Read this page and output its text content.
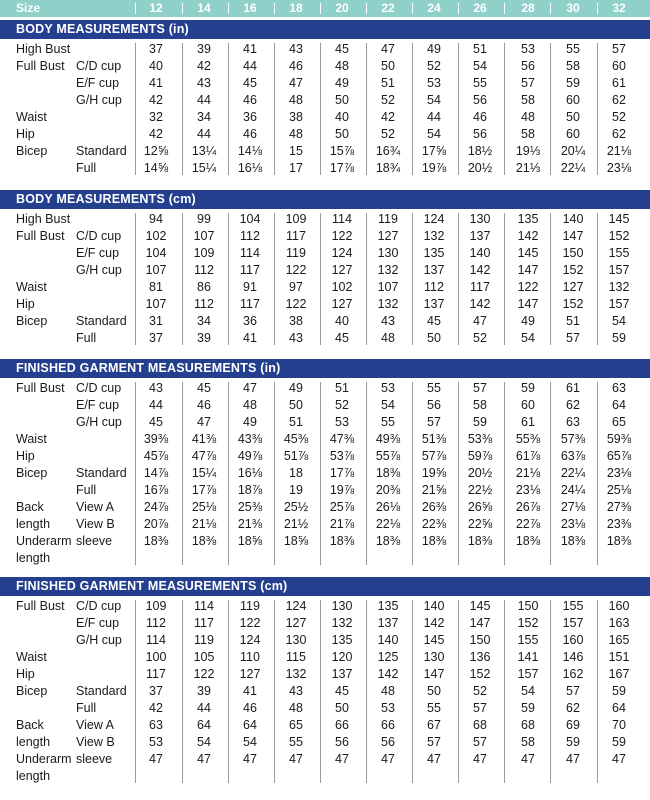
Size	12	14	16	18	20	22	24	26	28	30	32
BODY MEASUREMENTS (in)
High Bust	37	39	41	43	45	47	49	51	53	55	57
Full Bust C/D cup	40	42	44	46	48	50	52	54	56	58	60
E/F cup	41	43	45	47	49	51	53	55	57	59	61
G/H cup	42	44	46	48	50	52	54	56	58	60	62
Waist	32	34	36	38	40	42	44	46	48	50	52
Hip	42	44	46	48	50	52	54	56	58	60	62
Bicep Standard	12⅝	13¼	14⅛	15	15⅞	16¾	17⅝	18½	19⅓	20¼	21⅛
Full	14⅝	15¼	16⅛	17	17⅞	18¾	19⅞	20½	21⅓	22¼	23⅛
BODY MEASUREMENTS (cm)
High Bust	94	99	104	109	114	119	124	130	135	140	145
Full Bust C/D cup	102	107	112	117	122	127	132	137	142	147	152
E/F cup	104	109	114	119	124	130	135	140	145	150	155
G/H cup	107	112	117	122	127	132	137	142	147	152	157
Waist	81	86	91	97	102	107	112	117	122	127	132
Hip	107	112	117	122	127	132	137	142	147	152	157
Bicep Standard	31	34	36	38	40	43	45	47	49	51	54
Full	37	39	41	43	45	48	50	52	54	57	59
FINISHED GARMENT MEASUREMENTS (in)
Full Bust C/D cup	43	45	47	49	51	53	55	57	59	61	63
E/F cup	44	46	48	50	52	54	56	58	60	62	64
G/H cup	45	47	49	51	53	55	57	59	61	63	65
Waist	39⅜	41⅜	43⅜	45⅜	47⅜	49⅜	51⅜	53⅜	55⅜	57⅜	59⅜
Hip	45⅞	47⅞	49⅞	51⅞	53⅞	55⅞	57⅞	59⅞	61⅞	63⅞	65⅞
Bicep Standard	14⅞	15¼	16⅛	18	17⅞	18⅜	19⅝	20½	21⅛	22¼	23⅛
Full	16⅞	17⅞	18⅞	19	19⅞	20⅜	21⅝	22½	23⅛	24¼	25⅛
Back	View A	24⅞	25⅛	25⅜	25½	25⅞	26⅛	26⅜	26⅝	26⅞	27⅛	27⅜
length View B	20⅞	21⅛	21⅜	21½	21⅞	22⅛	22⅜	22⅝	22⅞	23⅛	23⅜
Underarm sleeve	18⅜	18⅜	18⅝	18⅝	18⅜	18⅜	18⅜	18⅜	18⅜	18⅜	18⅜
length
FINISHED GARMENT MEASUREMENTS (cm)
Full Bust C/D cup	109	114	119	124	130	135	140	145	150	155	160
E/F cup	112	117	122	127	132	137	142	147	152	157	163
G/H cup	114	119	124	130	135	140	145	150	155	160	165
Waist	100	105	110	115	120	125	130	136	141	146	151
Hip	117	122	127	132	137	142	147	152	157	162	167
Bicep Standard	37	39	41	43	45	48	50	52	54	57	59
Full	42	44	46	48	50	53	55	57	59	62	64
Back	View A	63	64	64	65	66	66	67	68	68	69	70
length View B	53	54	54	55	56	56	57	57	58	59	59
Underarm sleeve	47	47	47	47	47	47	47	47	47	47	47
length
